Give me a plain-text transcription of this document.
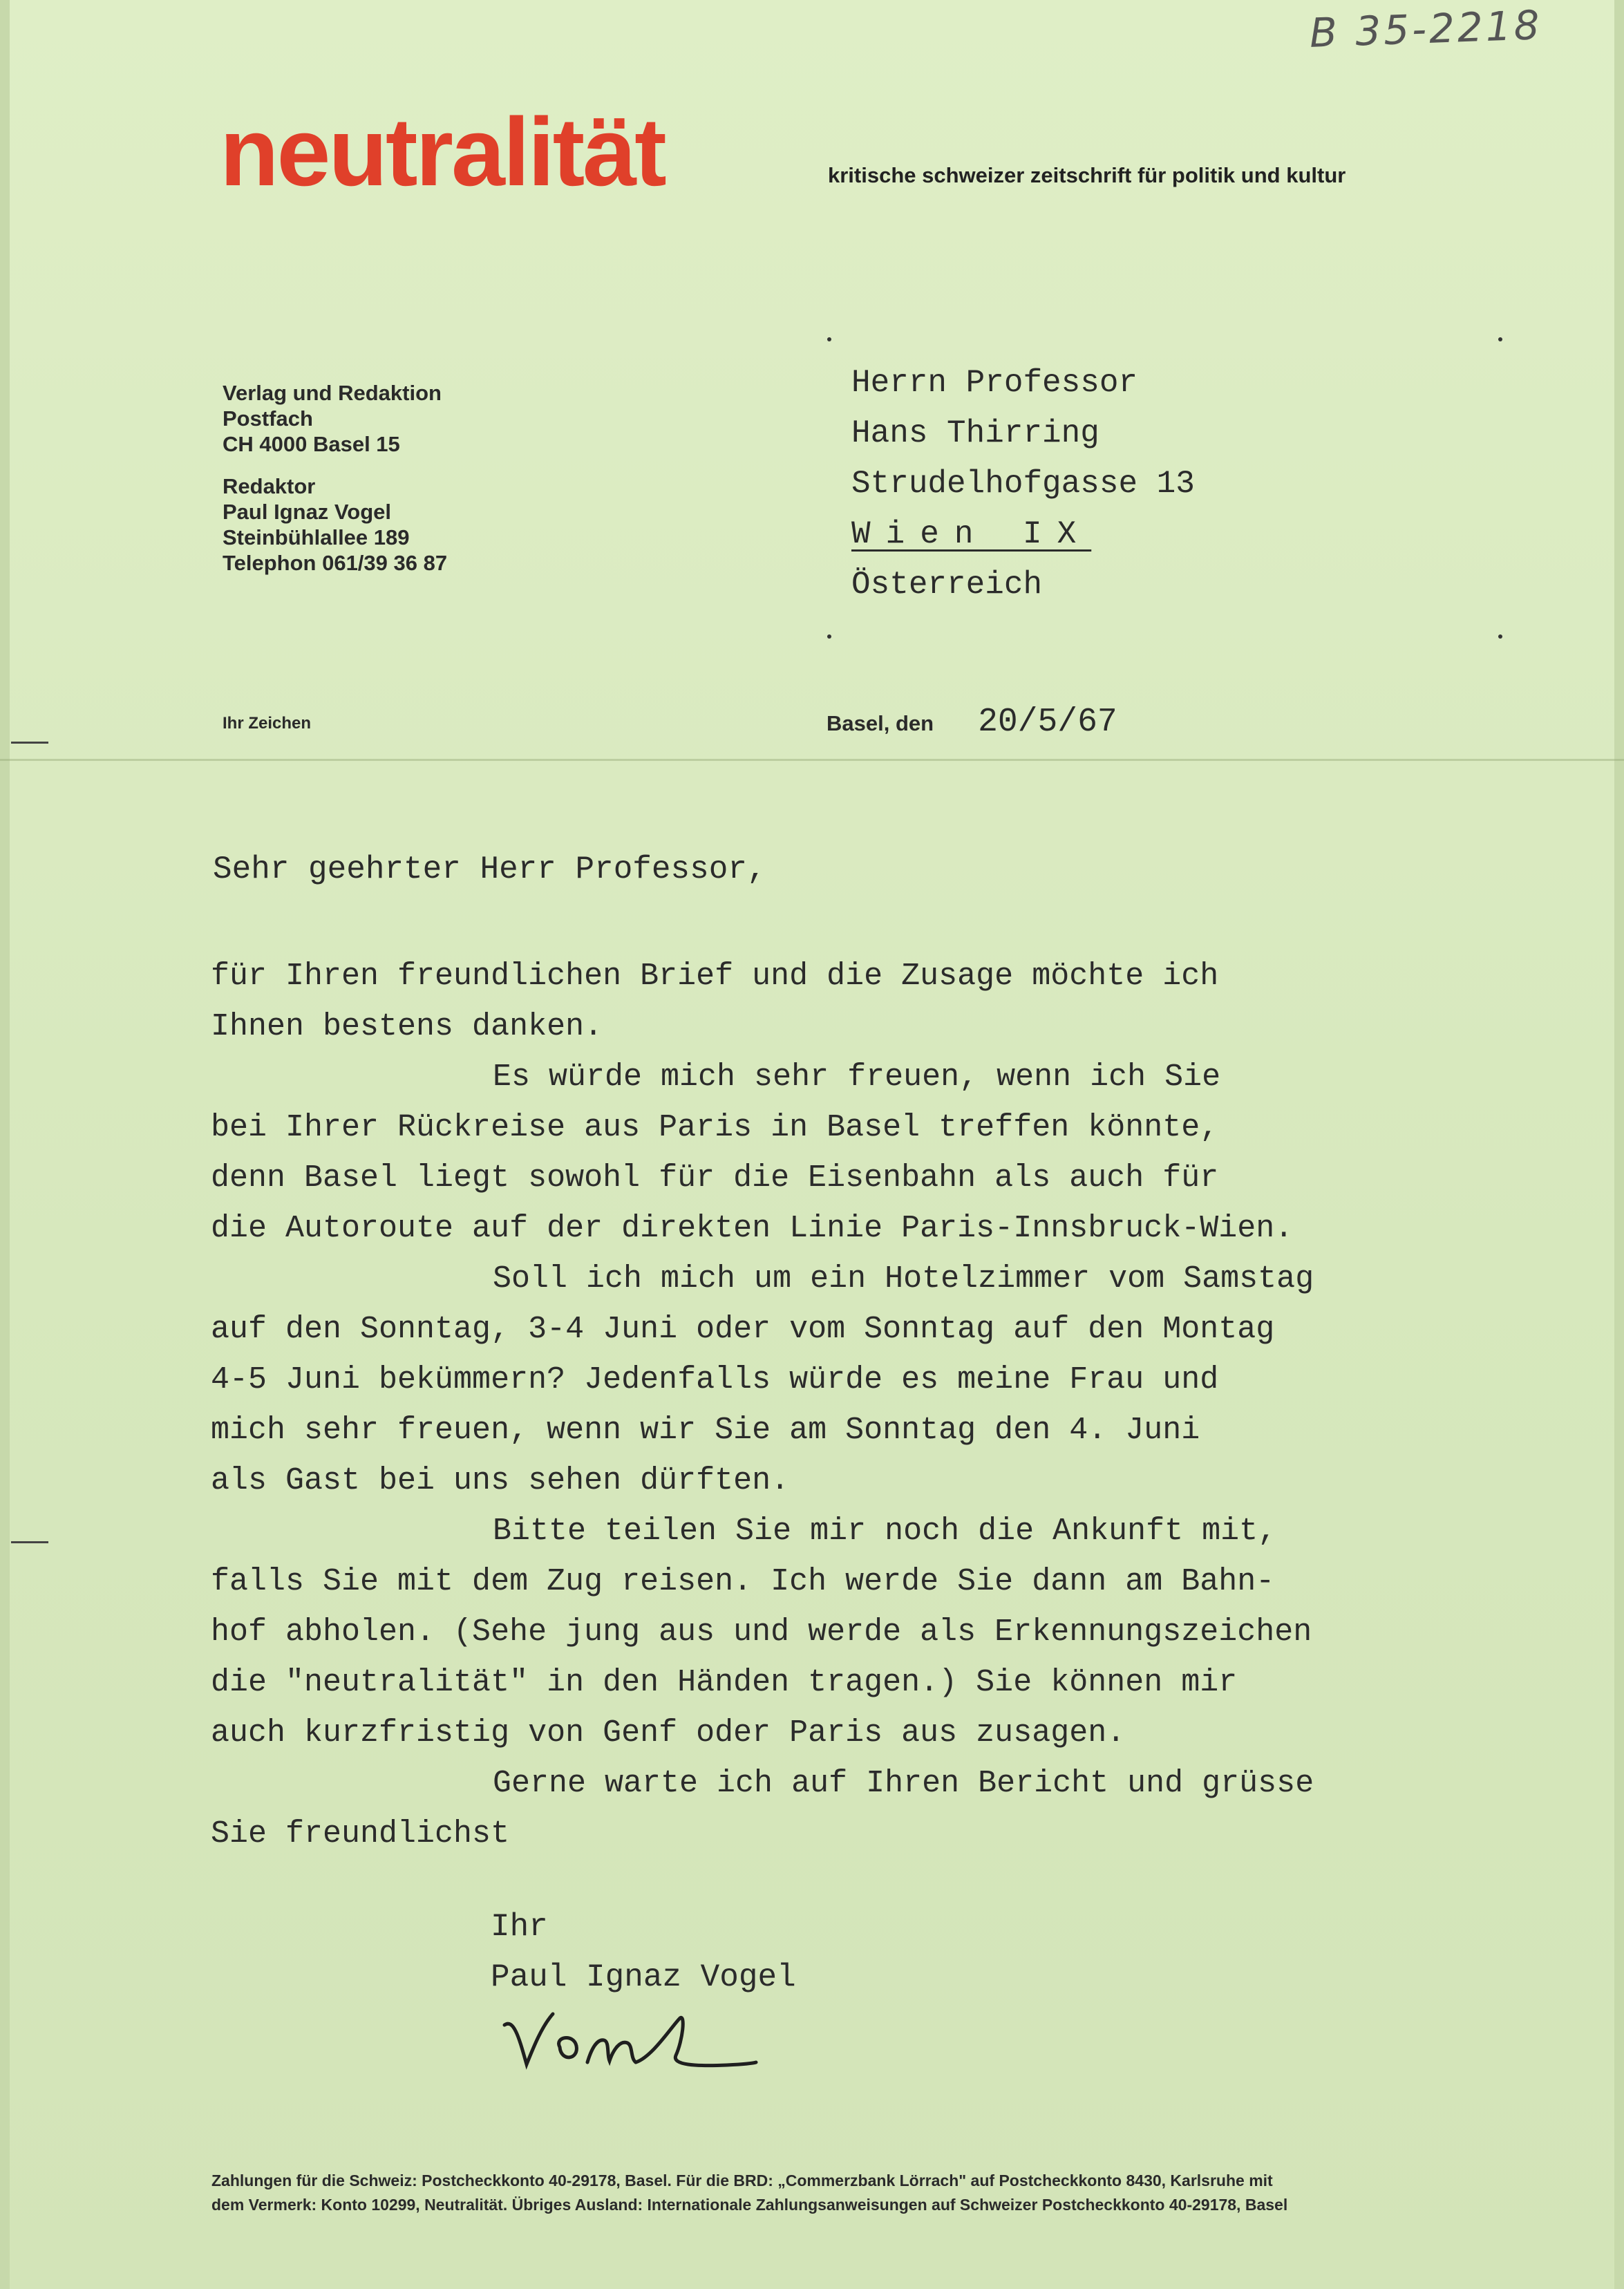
B 35-2218
neutralität	kritische schweizer zeitschrift für politik und kultur
Verlag und Redaktion
Postfach
CH 4000 Basel 15
Redaktor
Paul Ignaz Vogel
Steinbühlallee 189
Telephon 061/39 36 87
Herrn Professor
Hans Thirring
Strudelhofgasse 13
Wien IX
Österreich
Ihr Zeichen	Basel, den 20/5/67
Sehr geehrter Herr Professor,
für Ihren freundlichen Brief und die Zusage möchte ich
Ihnen bestens danken.
Es würde mich sehr freuen, wenn ich Sie
bei Ihrer Rückreise aus Paris in Basel treffen könnte,
denn Basel liegt sowohl für die Eisenbahn als auch für
die Autoroute auf der direkten Linie Paris-Innsbruck-Wien.
Soll ich mich um ein Hotelzimmer vom Samstag
auf den Sonntag, 3-4 Juni oder vom Sonntag auf den Montag
4-5 Juni bekümmern? Jedenfalls würde es meine Frau und
mich sehr freuen, wenn wir Sie am Sonntag den 4. Juni
als Gast bei uns sehen dürften.
Bitte teilen Sie mir noch die Ankunft mit,
falls Sie mit dem Zug reisen. Ich werde Sie dann am Bahn-
hof abholen. (Sehe jung aus und werde als Erkennungszeichen
die "neutralität" in den Händen tragen.) Sie können mir
auch kurzfristig von Genf oder Paris aus zusagen.
Gerne warte ich auf Ihren Bericht und grüsse
Sie freundlichst
Ihr
Paul Ignaz Vogel
Zahlungen für die Schweiz: Postcheckkonto 40-29178, Basel. Für die BRD: „Commerzbank Lörrach" auf Postcheckkonto 8430, Karlsruhe mit
dem Vermerk: Konto 10299, Neutralität. Übriges Ausland: Internationale Zahlungsanweisungen auf Schweizer Postcheckkonto 40-29178, Basel
